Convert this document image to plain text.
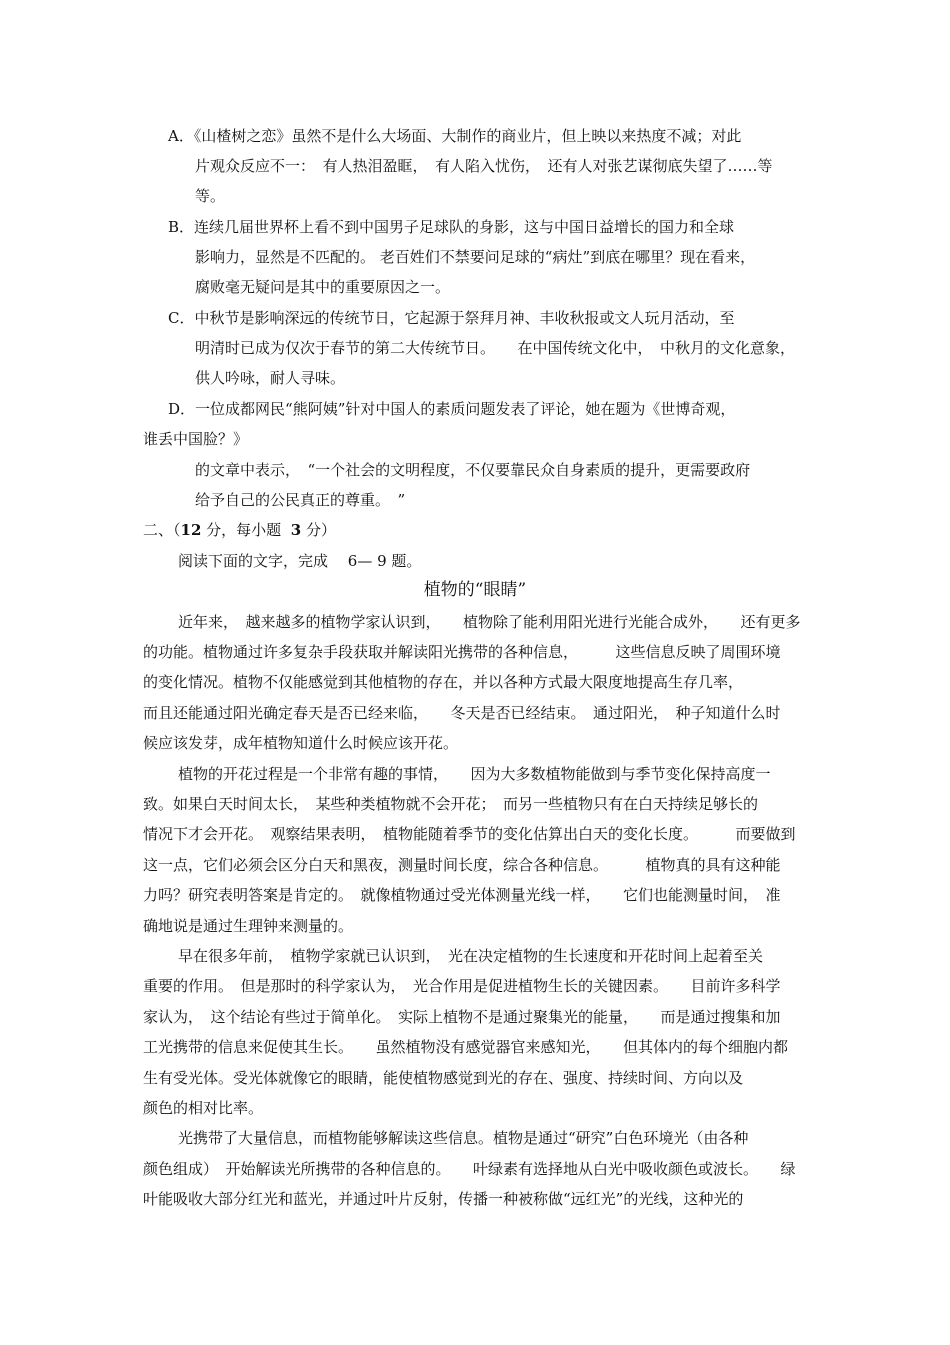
A．《山楂树之恋》虽然不是什么大场面、大制作的商业片，但上映以来热度不减；对此
片观众反应不一：　有人热泪盈眶，　有人陷入忧伤，　还有人对张艺谋彻底失望了……等
等。
B．连续几届世界杯上看不到中国男子足球队的身影，这与中国日益增长的国力和全球
影响力，显然是不匹配的。 老百姓们不禁要问足球的“病灶”到底在哪里？现在看来，
腐败毫无疑问是其中的重要原因之一。
C．中秋节是影响深远的传统节日，它起源于祭拜月神、丰收秋报或文人玩月活动，至
明清时已成为仅次于春节的第二大传统节日。　　在中国传统文化中，　中秋月的文化意象，
供人吟咏，耐人寻味。
D．一位成都网民“熊阿姨”针对中国人的素质问题发表了评论，她在题为《世博奇观，
谁丢中国脸？》
的文章中表示，　“一个社会的文明程度，不仅要靠民众自身素质的提升，更需要政府
给予自己的公民真正的尊重。　”
二、（12 分，每小题 3 分）
阅读下面的文字，完成　 6— 9 题。
植物的“眼睛”
近年来，　越来越多的植物学家认识到，　　植物除了能利用阳光进行光能合成外，　　还有更多
的功能。植物通过许多复杂手段获取并解读阳光携带的各种信息，　　　这些信息反映了周围环境
的变化情况。植物不仅能感觉到其他植物的存在，并以各种方式最大限度地提高生存几率，
而且还能通过阳光确定春天是否已经来临，　　冬天是否已经结束。　通过阳光，　种子知道什么时
候应该发芽，成年植物知道什么时候应该开花。
植物的开花过程是一个非常有趣的事情，　　因为大多数植物能做到与季节变化保持高度一
致。如果白天时间太长，　某些种类植物就不会开花；　而另一些植物只有在白天持续足够长的
情况下才会开花。　观察结果表明，　植物能随着季节的变化估算出白天的变化长度。　　　而要做到
这一点，它们必须会区分白天和黑夜，测量时间长度，综合各种信息。　　　植物真的具有这种能
力吗？研究表明答案是肯定的。　就像植物通过受光体测量光线一样，　　它们也能测量时间，　准
确地说是通过生理钟来测量的。
早在很多年前，　植物学家就已认识到，　光在决定植物的生长速度和开花时间上起着至关
重要的作用。　但是那时的科学家认为，　光合作用是促进植物生长的关键因素。　　目前许多科学
家认为，　这个结论有些过于简单化。　实际上植物不是通过聚集光的能量，　　而是通过搜集和加
工光携带的信息来促使其生长。　　虽然植物没有感觉器官来感知光，　　但其体内的每个细胞内都
生有受光体。受光体就像它的眼睛，能使植物感觉到光的存在、强度、持续时间、方向以及
颜色的相对比率。
光携带了大量信息，而植物能够解读这些信息。植物是通过“研究”白色环境光（由各种
颜色组成）　开始解读光所携带的各种信息的。　　叶绿素有选择地从白光中吸收颜色或波长。　　绿
叶能吸收大部分红光和蓝光，并通过叶片反射，传播一种被称做“远红光”的光线，这种光的
